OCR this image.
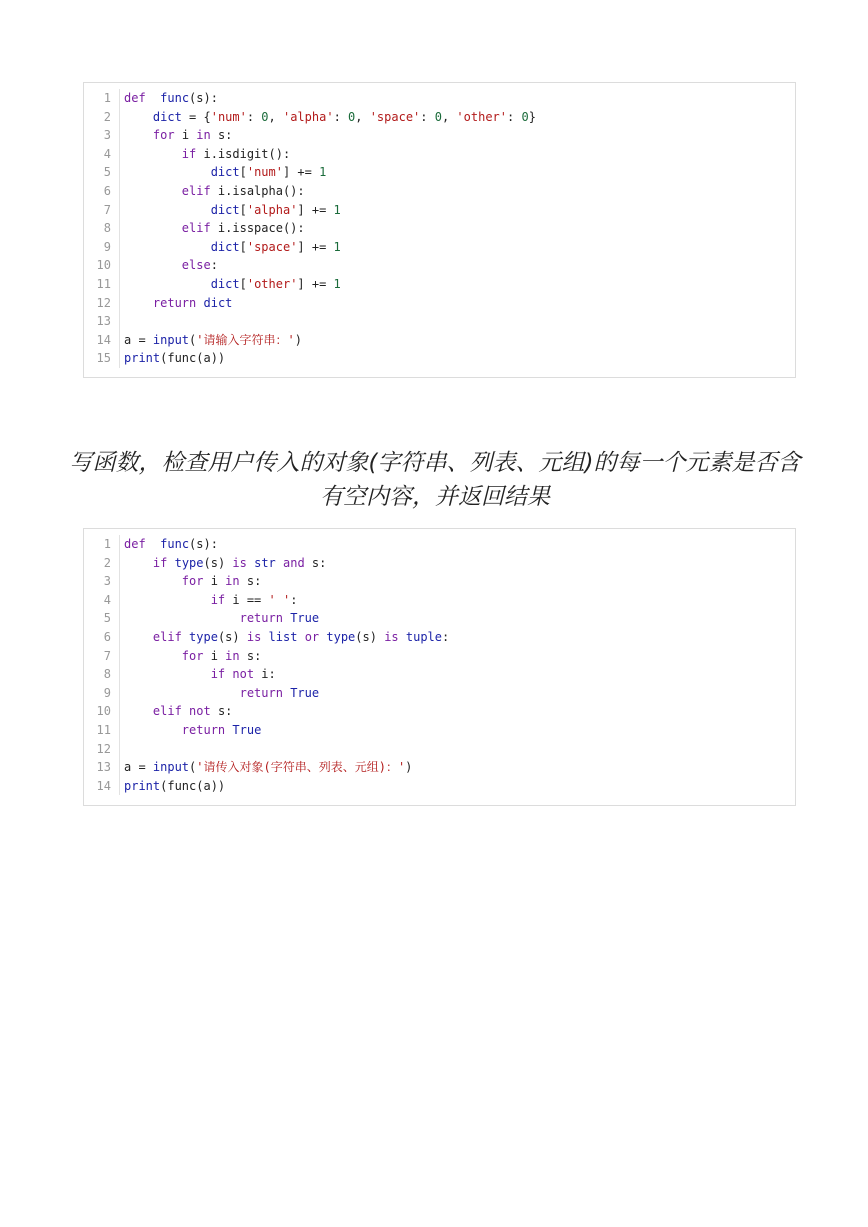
1	def func(s):
2	dict = {'num': 0, 'alpha': 0, 'space': 0, 'other': 0}
3	for i in s:
4	if i.isdigit():
5	dict['num'] += 1
6	elif i.isalpha():
7	dict['alpha'] += 1
8	elif i.isspace():
9	dict['space'] += 1
10	else:
11	dict['other'] += 1
12	return dict
13
14	a = input('请输入字符串：')
15	print(func(a))
写函数，检查用户传入的对象(字符串、列表、元组)的每一个元素是否含
有空内容，并返回结果
1	def func(s):
2	if type(s) is str and s:
3	for i in s:
4	if i == ' ':
5	return True
6	elif type(s) is list or type(s) is tuple:
7	for i in s:
8	if not i:
9	return True
10	elif not s:
11	return True
12
13	a = input('请传入对象(字符串、列表、元组)：')
14	print(func(a))
